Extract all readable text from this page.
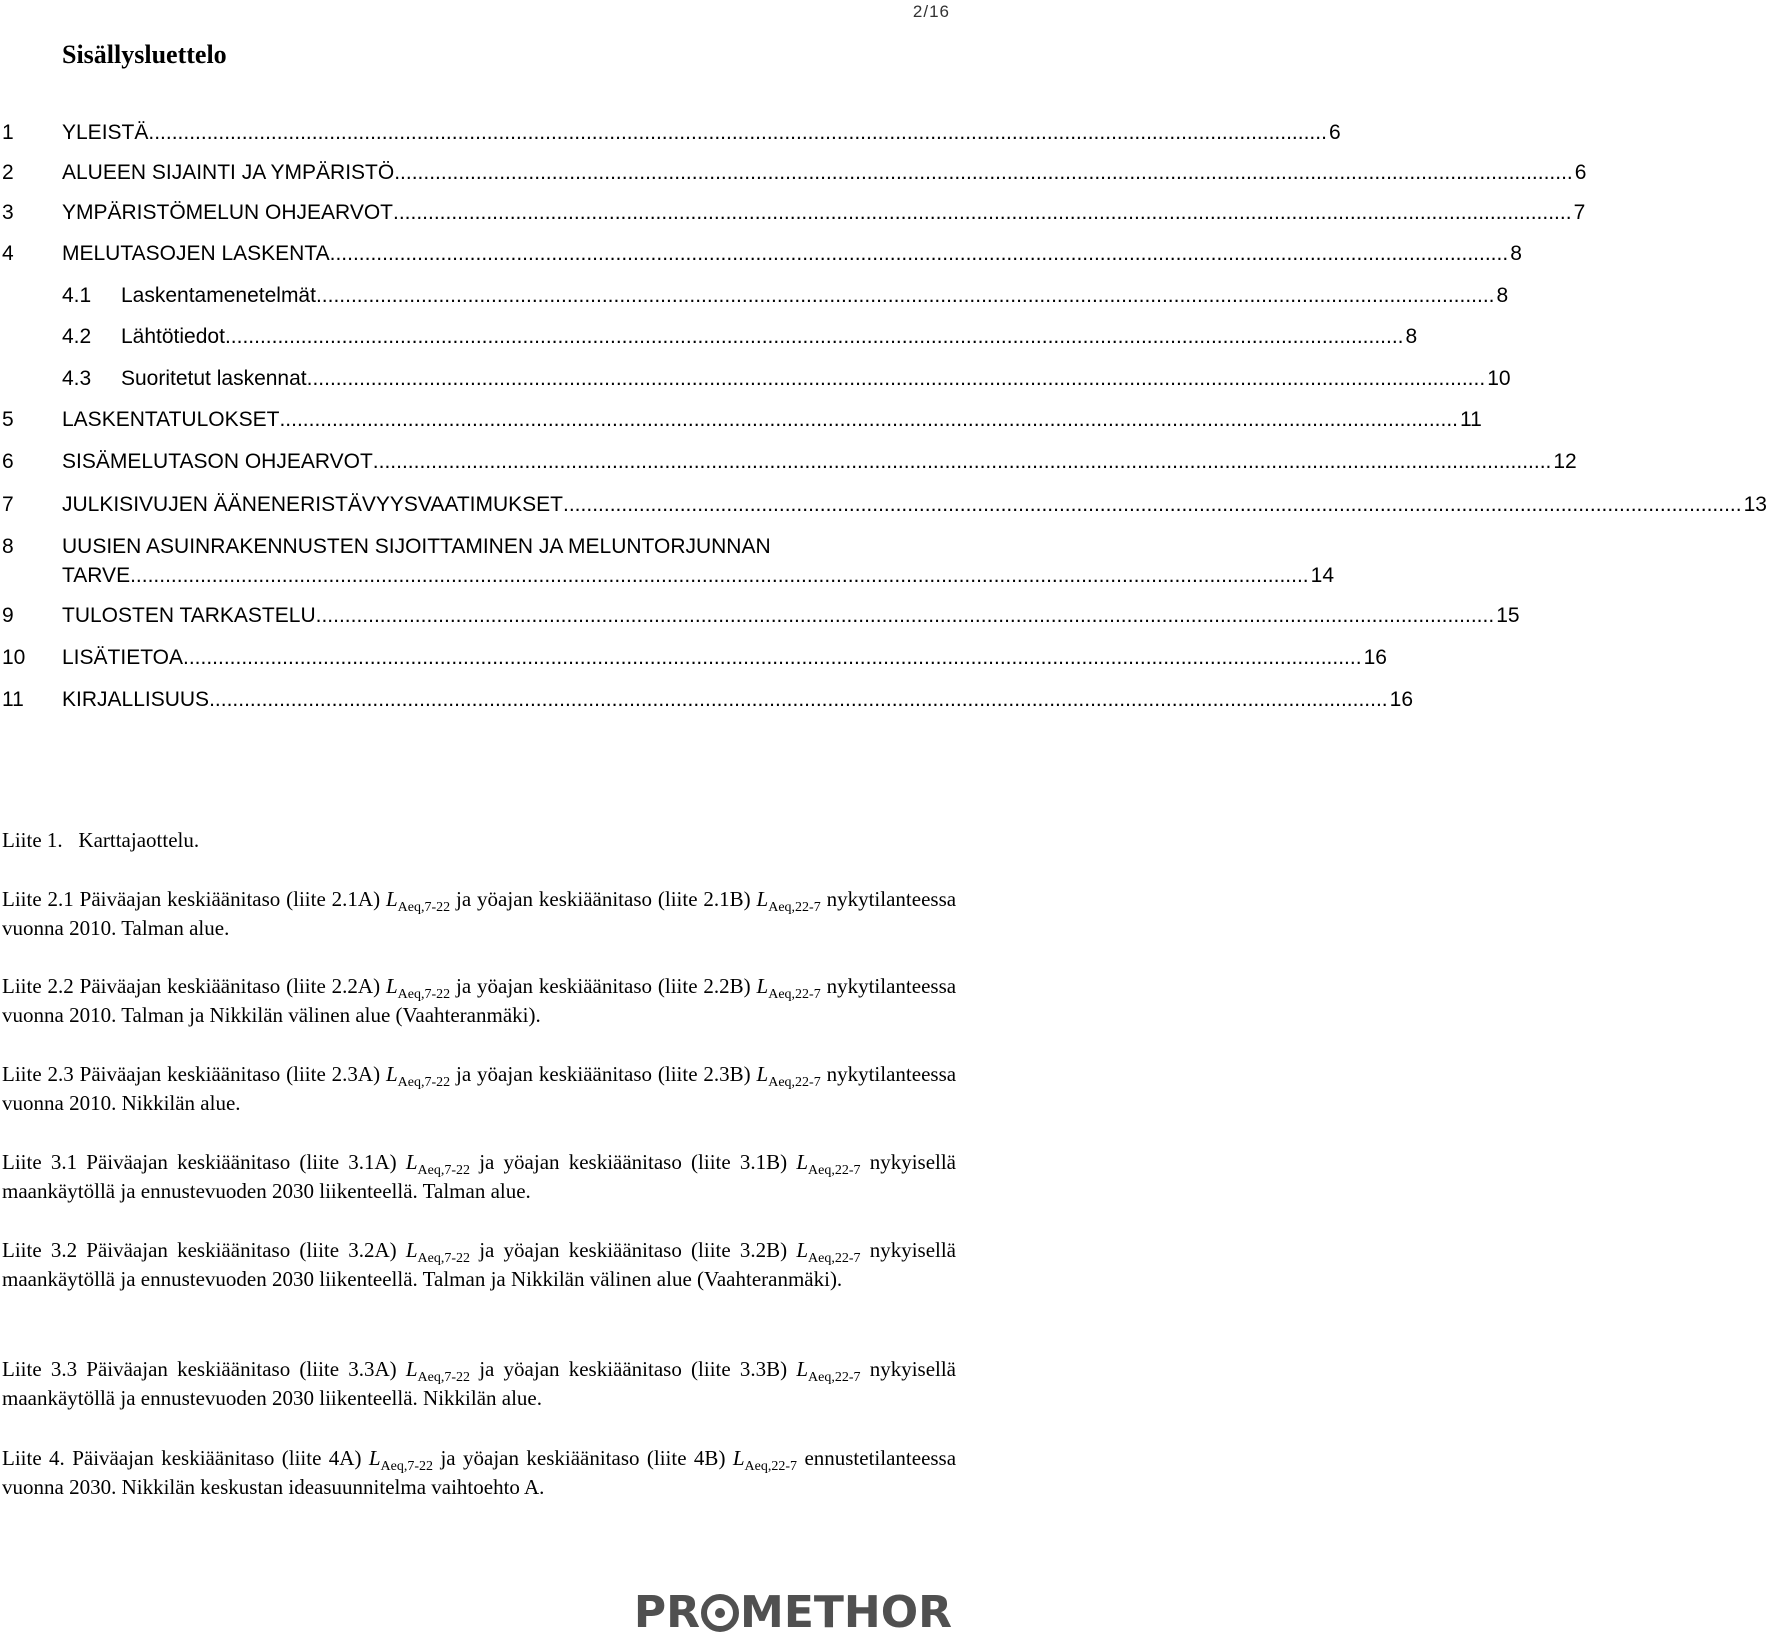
2/16
Sisällysluettelo
1 YLEISTÄ .......................................................................................................................................................................................................... 6
2 ALUEEN SIJAINTI JA YMPÄRISTÖ .......................................................................................................................................................................................................... 6
3 YMPÄRISTÖMELUN OHJEARVOT .......................................................................................................................................................................................................... 7
4 MELUTASOJEN LASKENTA .......................................................................................................................................................................................................... 8
4.1 Laskentamenetelmät .......................................................................................................................................................................................................... 8
4.2 Lähtötiedot .......................................................................................................................................................................................................... 8
4.3 Suoritetut laskennat .......................................................................................................................................................................................................... 10
5 LASKENTATULOKSET .......................................................................................................................................................................................................... 11
6 SISÄMELUTASON OHJEARVOT .......................................................................................................................................................................................................... 12
7 JULKISIVUJEN ÄÄNENERISTÄVYYSVAATIMUKSET .......................................................................................................................................................................................................... 13
8 UUSIEN ASUINRAKENNUSTEN SIJOITTAMINEN JA MELUNTORJUNNAN
TARVE .......................................................................................................................................................................................................... 14
9 TULOSTEN TARKASTELU .......................................................................................................................................................................................................... 15
10 LISÄTIETOA .......................................................................................................................................................................................................... 16
11 KIRJALLISUUS .......................................................................................................................................................................................................... 16
Liite 1. Karttajaottelu.
Liite 2.1 Päiväajan keskiäänitaso (liite 2.1A) $L_{Aeq,7-22}$ ja yöajan keskiäänitaso (liite 2.1B) $L_{Aeq,22-7}$ nykytilanteessa vuonna 2010. Talman alue.
Liite 2.2 Päiväajan keskiäänitaso (liite 2.2A) $L_{Aeq,7-22}$ ja yöajan keskiäänitaso (liite 2.2B) $L_{Aeq,22-7}$ nykytilanteessa vuonna 2010. Talman ja Nikkilän välinen alue (Vaahteranmäki).
Liite 2.3 Päiväajan keskiäänitaso (liite 2.3A) $L_{Aeq,7-22}$ ja yöajan keskiäänitaso (liite 2.3B) $L_{Aeq,22-7}$ nykytilanteessa vuonna 2010. Nikkilän alue.
Liite 3.1 Päiväajan keskiäänitaso (liite 3.1A) $L_{Aeq,7-22}$ ja yöajan keskiäänitaso (liite 3.1B) $L_{Aeq,22-7}$ nykyisellä maankäytöllä ja ennustevuoden 2030 liikenteellä. Talman alue.
Liite 3.2 Päiväajan keskiäänitaso (liite 3.2A) $L_{Aeq,7-22}$ ja yöajan keskiäänitaso (liite 3.2B) $L_{Aeq,22-7}$ nykyisellä maankäytöllä ja ennustevuoden 2030 liikenteellä. Talman ja Nikkilän välinen alue (Vaahteranmäki).
Liite 3.3 Päiväajan keskiäänitaso (liite 3.3A) $L_{Aeq,7-22}$ ja yöajan keskiäänitaso (liite 3.3B) $L_{Aeq,22-7}$ nykyisellä maankäytöllä ja ennustevuoden 2030 liikenteellä. Nikkilän alue.
Liite 4. Päiväajan keskiäänitaso (liite 4A) $L_{Aeq,7-22}$ ja yöajan keskiäänitaso (liite 4B) $L_{Aeq,22-7}$ ennustetilanteessa vuonna 2030. Nikkilän keskustan ideasuunnitelma vaihtoehto A.
PR METHOR
